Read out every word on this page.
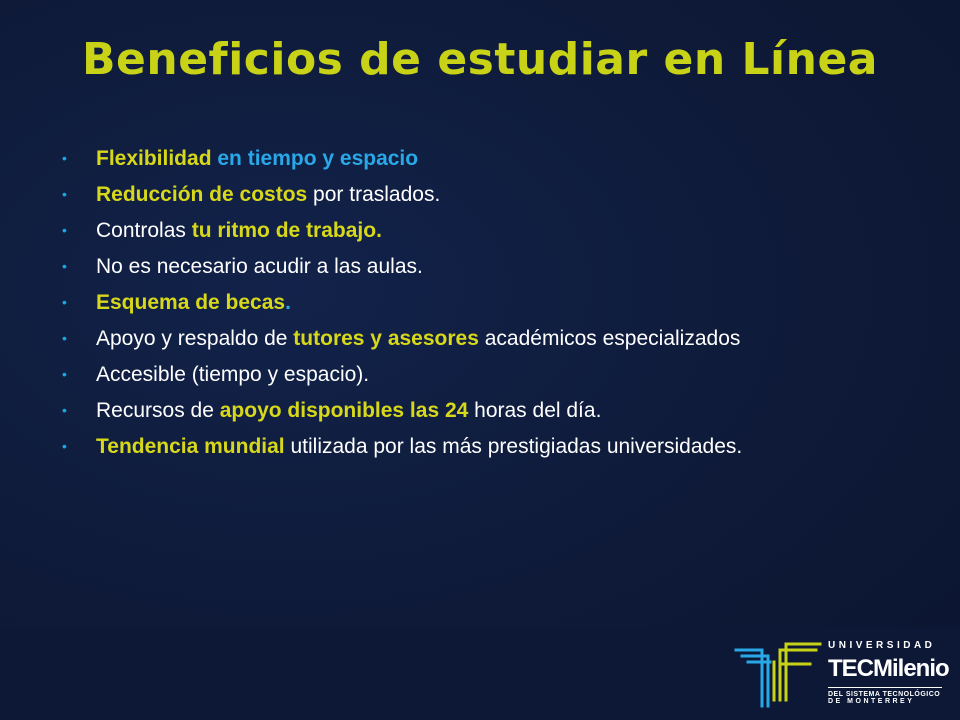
Beneficios de estudiar en Línea
• Flexibilidad en tiempo y espacio
• Reducción de costos por traslados.
• Controlas tu ritmo de trabajo.
• No es necesario acudir a las aulas.
• Esquema de becas.
• Apoyo y respaldo de tutores y asesores académicos especializados
• Accesible (tiempo y espacio).
• Recursos de apoyo disponibles las 24 horas del día.
• Tendencia mundial utilizada por las más prestigiadas universidades.
UNIVERSIDAD
TECMilenio
DEL SISTEMA TECNOLÓGICO
DE MONTERREY
